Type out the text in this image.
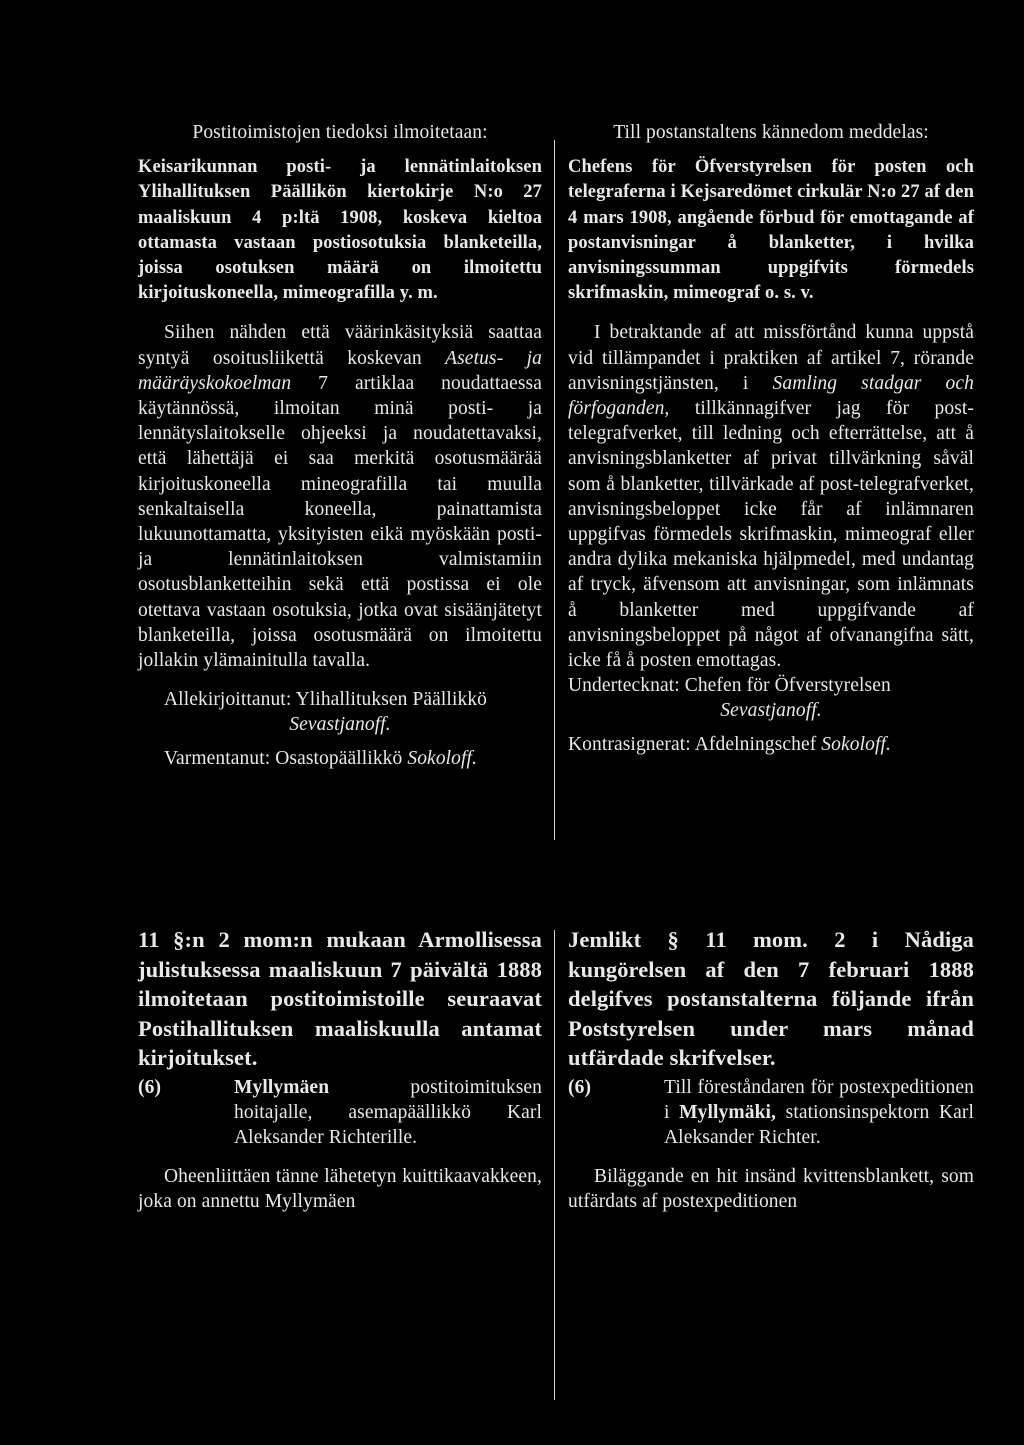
Postitoimistojen tiedoksi ilmoitetaan:

Keisarikunnan posti- ja lennätinlaitoksen Ylihallituksen Päällikön kiertokirje N:o 27 maaliskuun 4 p:ltä 1908, koskeva kieltoa ottamasta vastaan postiosotuksia blanketeilla, joissa osotuksen määrä on ilmoitettu kirjoituskoneella, mimeografilla y. m.

Siihen nähden että väärinkäsityksiä saattaa syntyä osoitusliikettä koskevan Asetus- ja määräyskokoelman 7 artiklaa noudattaessa käytännössä, ilmoitan minä posti- ja lennätyslaitokselle ohjeeksi ja noudatettavaksi, että lähettäjä ei saa merkitä osotusmäärää kirjoituskoneella mineografilla tai muulla senkaltaisella koneella, painattamista lukuunottamatta, yksityisten eikä myöskään posti- ja lennätinlaitoksen valmistamiin osotusblanketteihin sekä että postissa ei ole otettava vastaan osotuksia, jotka ovat sisäänjätetyt blanketeilla, joissa osotusmäärä on ilmoitettu jollakin ylämainitulla tavalla.

Allekirjoittanut: Ylihallituksen Päällikkö

Sevastjanoff.

Varmentanut: Osastopäällikkö Sokoloff.

Till postanstaltens kännedom meddelas:

Chefens för Öfverstyrelsen för posten och telegraferna i Kejsaredömet cirkulär N:o 27 af den 4 mars 1908, angående förbud för emottagande af postanvisningar å blanketter, i hvilka anvisningssumman uppgifvits förmedels skrifmaskin, mimeograf o. s. v.

I betraktande af att missförtånd kunna uppstå vid tillämpandet i praktiken af artikel 7, rörande anvisningstjänsten, i Samling stadgar och förfoganden, tillkännagifver jag för post- telegrafverket, till ledning och efterrättelse, att å anvisningsblanketter af privat tillvärkning såväl som å blanketter, tillvärkade af post-telegrafverket, anvisningsbeloppet icke får af inlämnaren uppgifvas förmedels skrifmaskin, mimeograf eller andra dylika mekaniska hjälpmedel, med undantag af tryck, äfvensom att anvisningar, som inlämnats å blanketter med uppgifvande af anvisningsbeloppet på något af ofvanangifna sätt, icke få å posten emottagas.

Undertecknat: Chefen för Öfverstyrelsen

Sevastjanoff.

Kontrasignerat: Afdelningschef Sokoloff.

11 §:n 2 mom:n mukaan Armollisessa julistuksessa maaliskuun 7 päivältä 1888 ilmoitetaan postitoimistoille seuraavat Postihallituksen maaliskuulla antamat kirjoitukset.

(6)	Myllymäen postitoimituksen hoitajalle, asemapäällikkö Karl Aleksander Richterille.

Oheenliittäen tänne lähetetyn kuittikaavakkeen, joka on annettu Myllymäen

Jemlikt § 11 mom. 2 i Nådiga kungörelsen af den 7 februari 1888 delgifves postanstalterna följande ifrån Poststyrelsen under mars månad utfärdade skrifvelser.

(6)	Till föreståndaren för postexpeditionen i Myllymäki, stationsinspektorn Karl Aleksander Richter.

Biläggande en hit insänd kvittensblankett, som utfärdats af postexpeditionen
